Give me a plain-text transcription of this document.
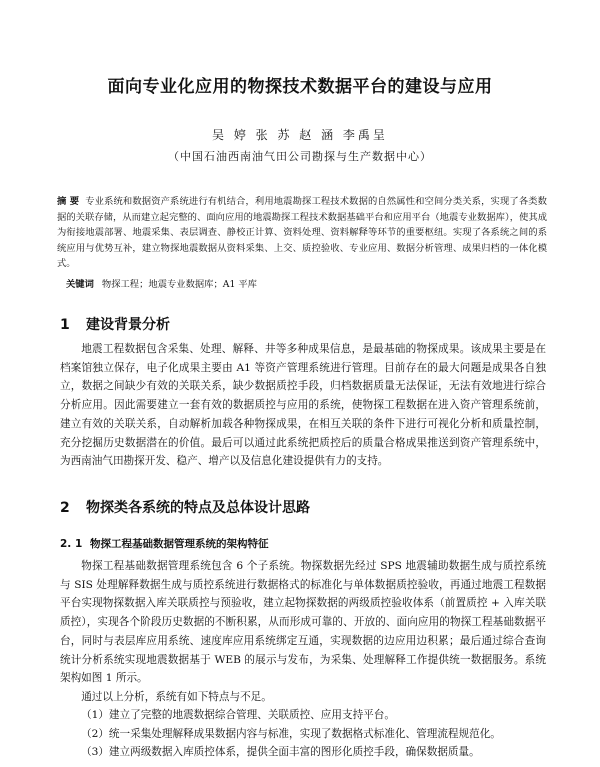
面向专业化应用的物探技术数据平台的建设与应用
吴 婷 张 苏 赵 涵 李禹呈
（中国石油西南油气田公司勘探与生产数据中心）
摘 要 专业系统和数据资产系统进行有机结合，利用地震勘探工程技术数据的自然属性和空间分类关系，实现了各类数据的关联存储，从而建立起完整的、面向应用的地震勘探工程技术数据基础平台和应用平台（地震专业数据库），使其成为衔接地震部署、地震采集、表层调查、静校正计算、资料处理、资料解释等环节的重要枢纽。实现了各系统之间的系统应用与优势互补，建立物探地震数据从资料采集、上交、质控验收、专业应用、数据分析管理、成果归档的一体化模式。
关键词 物探工程；地震专业数据库；A1 平库
1 建设背景分析

地震工程数据包含采集、处理、解释、井等多种成果信息，是最基础的物探成果。该成果主要是在档案馆独立保存，电子化成果主要由 A1 等资产管理系统进行管理。目前存在的最大问题是成果各自独立，数据之间缺少有效的关联关系，缺少数据质控手段，归档数据质量无法保证，无法有效地进行综合分析应用。因此需要建立一套有效的数据质控与应用的系统，使物探工程数据在进入资产管理系统前，建立有效的关联关系，自动解析加载各种物探成果，在相互关联的条件下进行可视化分析和质量控制，充分挖掘历史数据潜在的价值。最后可以通过此系统把质控后的质量合格成果推送到资产管理系统中，为西南油气田勘探开发、稳产、增产以及信息化建设提供有力的支持。

2 物探类各系统的特点及总体设计思路
2. 1 物探工程基础数据管理系统的架构特征

物探工程基础数据管理系统包含 6 个子系统。物探数据先经过 SPS 地震辅助数据生成与质控系统与 SIS 处理解释数据生成与质控系统进行数据格式的标准化与单体数据质控验收，再通过地震工程数据平台实现物探数据入库关联质控与预验收，建立起物探数据的两级质控验收体系（前置质控 + 入库关联质控），实现各个阶段历史数据的不断积累，从而形成可靠的、开放的、面向应用的物探工程基础数据平台，同时与表层库应用系统、速度库应用系统绑定互通，实现数据的边应用边积累；最后通过综合查询统计分析系统实现地震数据基于 WEB 的展示与发布，为采集、处理解释工作提供统一数据服务。系统架构如图 1 所示。

通过以上分析，系统有如下特点与不足。

（1）建立了完整的地震数据综合管理、关联质控、应用支持平台。
（2）统一采集处理解释成果数据内容与标准，实现了数据格式标准化、管理流程规范化。
（3）建立两级数据入库质控体系，提供全面丰富的图形化质控手段，确保数据质量。
